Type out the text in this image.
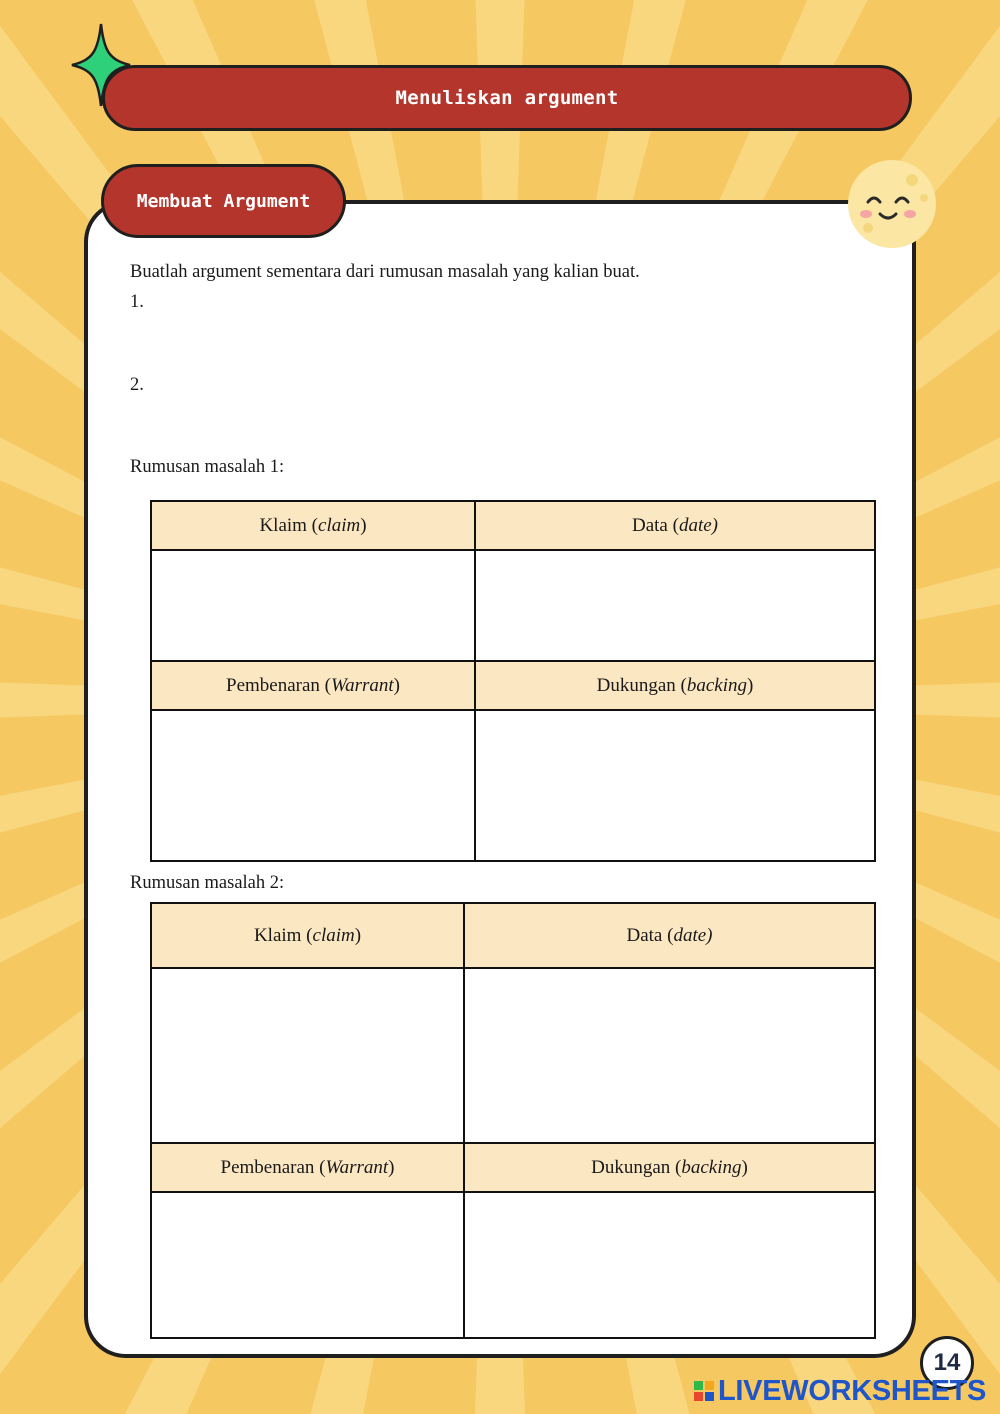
Menuliskan argument
Membuat Argument
Buatlah argument sementara dari rumusan masalah yang kalian buat.
1.
2.
Rumusan masalah 1:
Klaim (claim)	Data (date)

Pembenaran (Warrant)	Dukungan (backing)

Rumusan masalah 2:
Klaim (claim)	Data (date)

Pembenaran (Warrant)	Dukungan (backing)

14
LIVEWORKSHEETS
